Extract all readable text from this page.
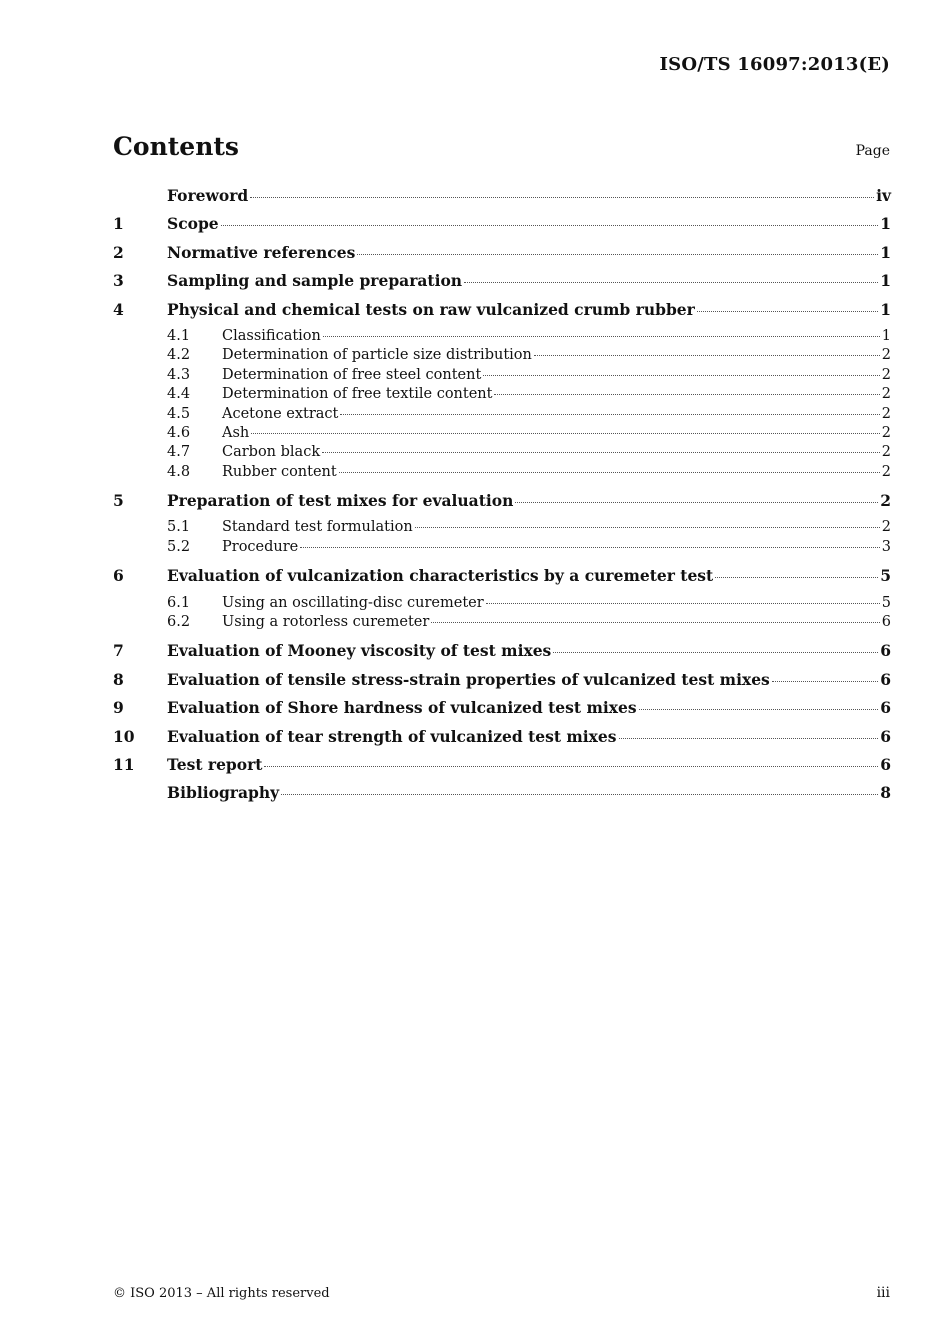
ISO/TS 16097:2013(E)
Contents	Page
Foreword	iv
1	Scope	1
2	Normative references	1
3	Sampling and sample preparation	1
4	Physical and chemical tests on raw vulcanized crumb rubber	1
4.1	Classification	1
4.2	Determination of particle size distribution	2
4.3	Determination of free steel content	2
4.4	Determination of free textile content	2
4.5	Acetone extract	2
4.6	Ash	2
4.7	Carbon black	2
4.8	Rubber content	2
5	Preparation of test mixes for evaluation	2
5.1	Standard test formulation	2
5.2	Procedure	3
6	Evaluation of vulcanization characteristics by a curemeter test	5
6.1	Using an oscillating-disc curemeter	5
6.2	Using a rotorless curemeter	6
7	Evaluation of Mooney viscosity of test mixes	6
8	Evaluation of tensile stress-strain properties of vulcanized test mixes	6
9	Evaluation of Shore hardness of vulcanized test mixes	6
10	Evaluation of tear strength of vulcanized test mixes	6
11	Test report	6
Bibliography	8
© ISO 2013 – All rights reserved	iii
